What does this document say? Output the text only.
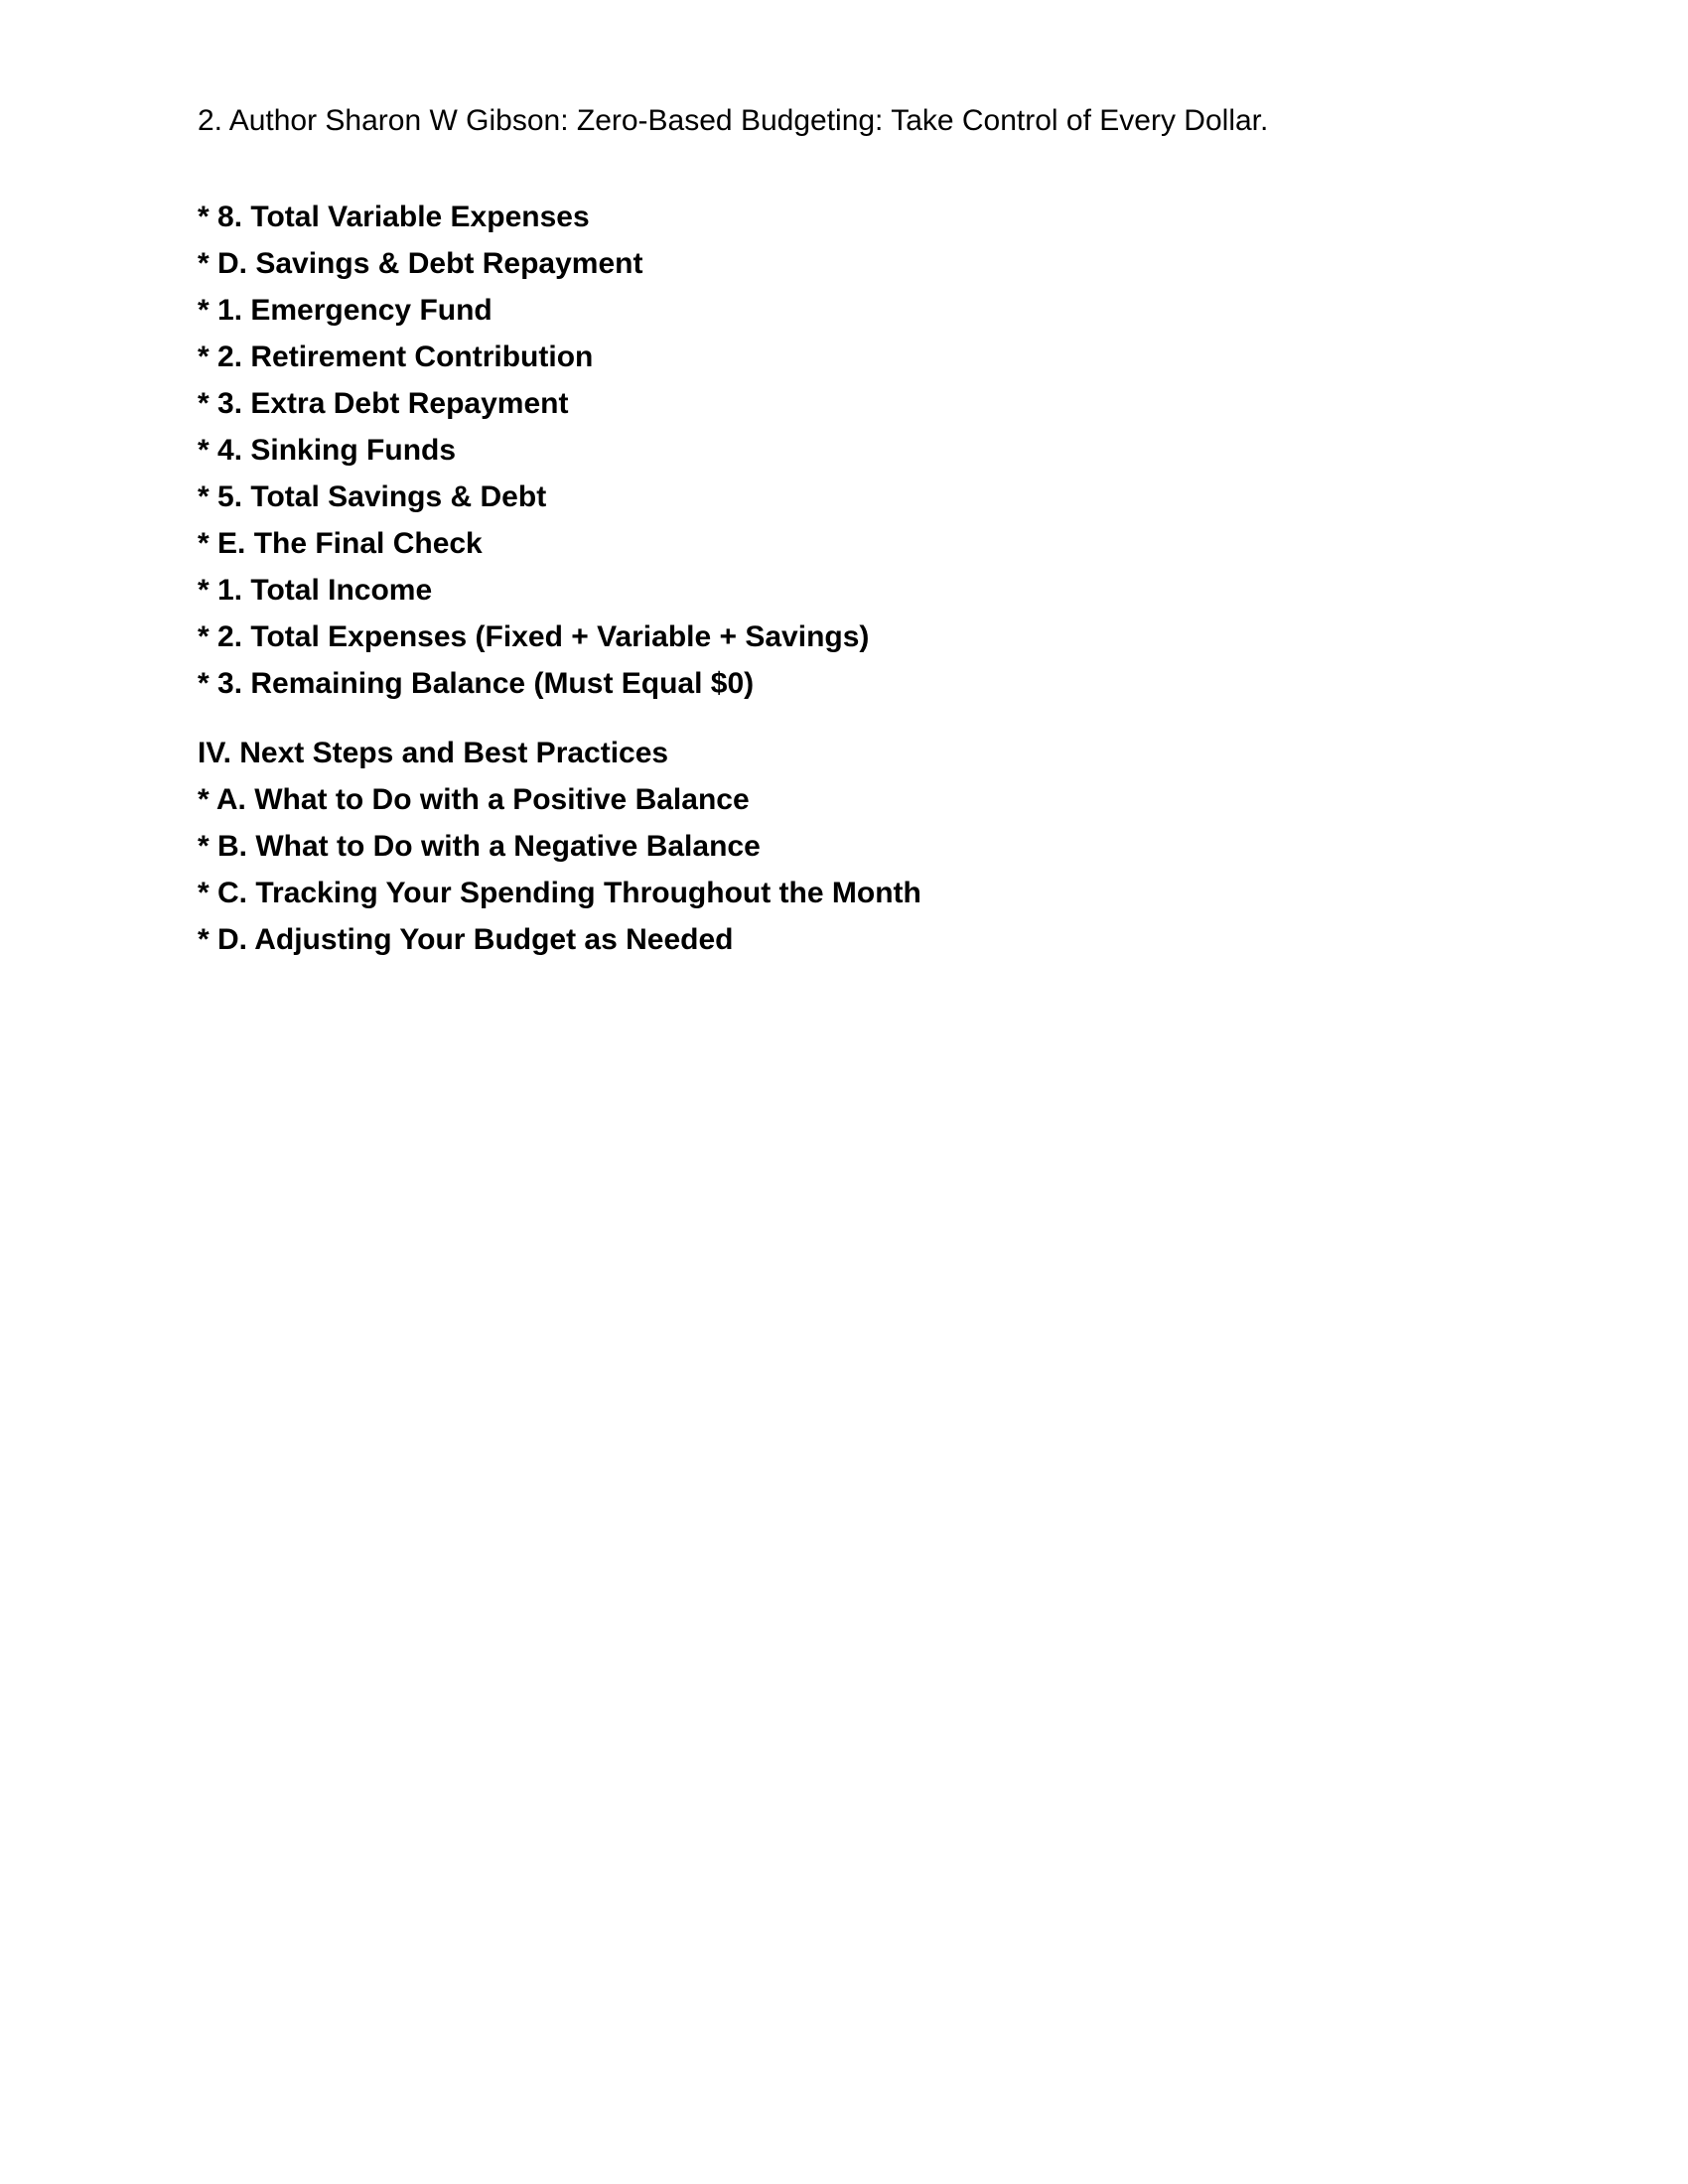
2. Author Sharon W Gibson: Zero-Based Budgeting: Take Control of Every Dollar.

* 8. Total Variable Expenses
* D. Savings & Debt Repayment
* 1. Emergency Fund
* 2. Retirement Contribution
* 3. Extra Debt Repayment
* 4. Sinking Funds
* 5. Total Savings & Debt
* E. The Final Check
* 1. Total Income
* 2. Total Expenses (Fixed + Variable + Savings)
* 3. Remaining Balance (Must Equal $0)

IV. Next Steps and Best Practices

* A. What to Do with a Positive Balance
* B. What to Do with a Negative Balance
* C. Tracking Your Spending Throughout the Month
* D. Adjusting Your Budget as Needed
